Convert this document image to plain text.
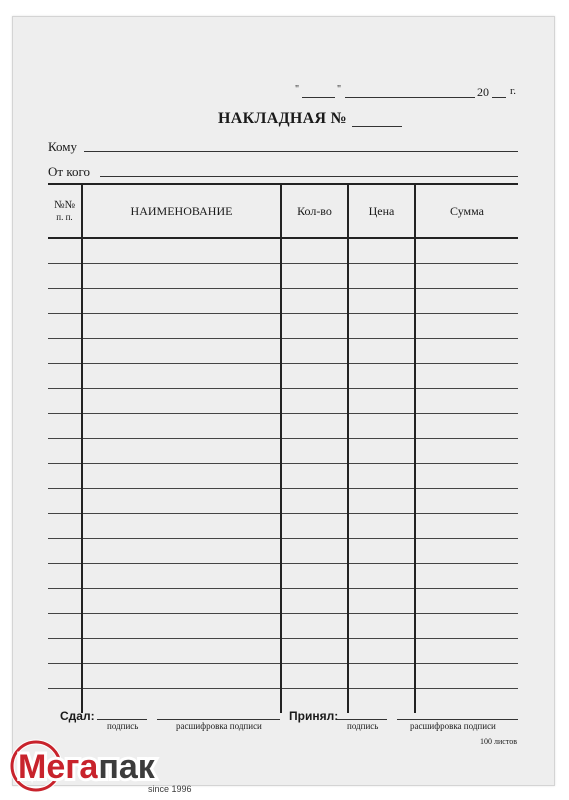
"	"	20 г.
НАКЛАДНАЯ №
Кому
От кого
№№
п. п.	НАИМЕНОВАНИЕ	Кол-во	Цена	Сумма

Сдал:
подпись	расшифровка подписи
Принял:
подпись	расшифровка подписи
100 листов
Мегапак
since 1996
